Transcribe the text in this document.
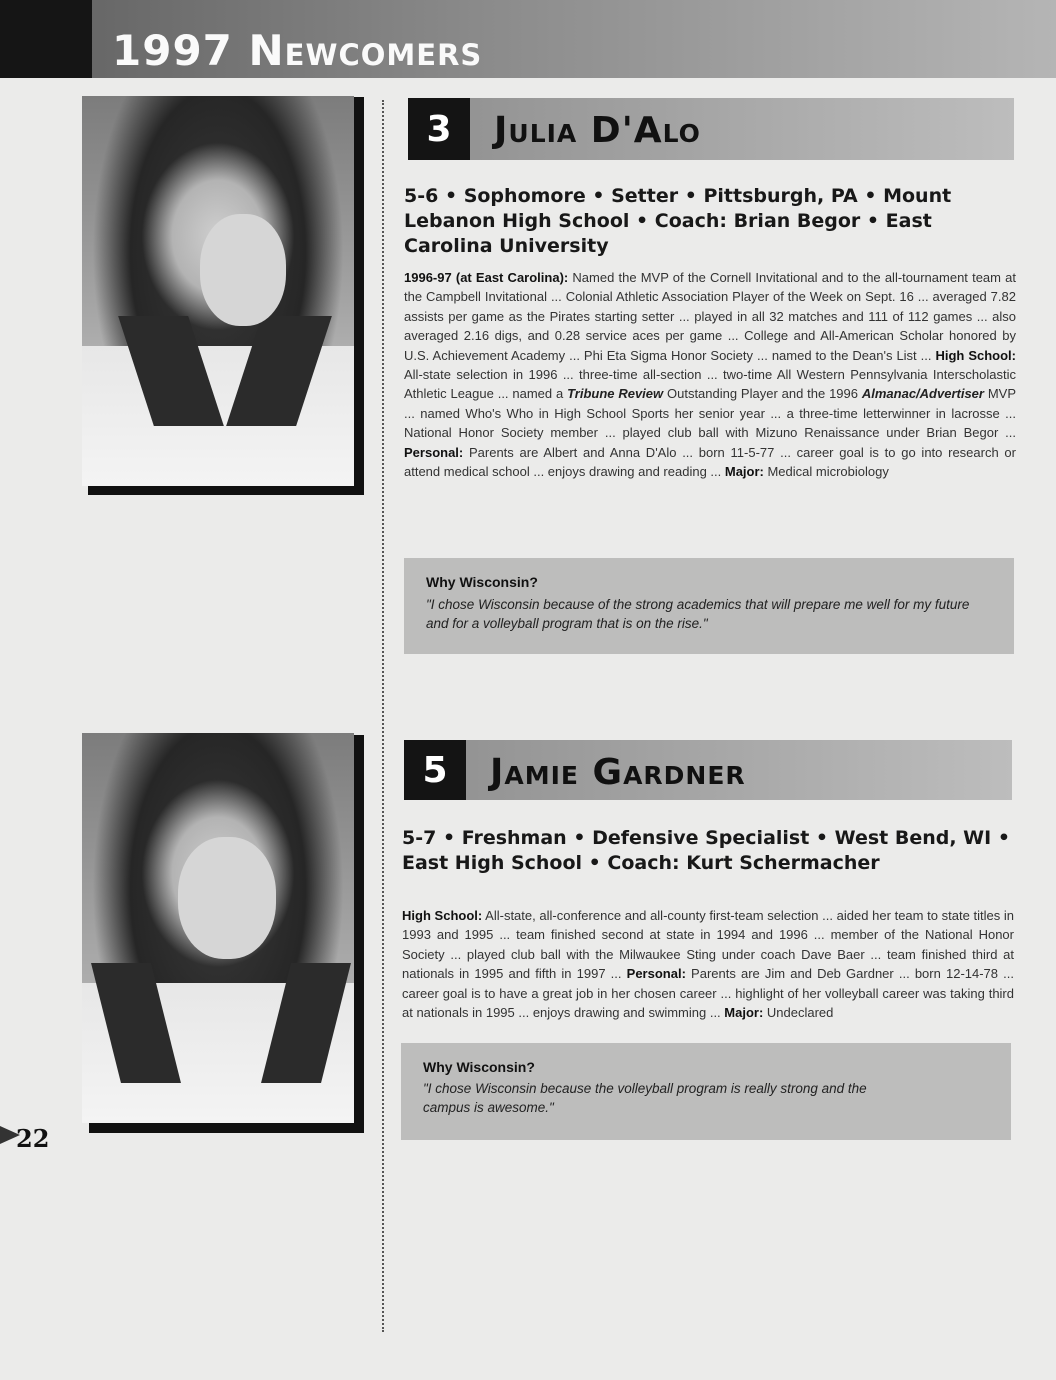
1997 Newcomers
3	Julia D'Alo
5-6 • Sophomore • Setter • Pittsburgh, PA • Mount Lebanon High School • Coach: Brian Begor • East Carolina University
1996-97 (at East Carolina): Named the MVP of the Cornell Invitational and to the all-tournament team at the Campbell Invitational ... Colonial Athletic Association Player of the Week on Sept. 16 ... averaged 7.82 assists per game as the Pirates starting setter ... played in all 32 matches and 111 of 112 games ... also averaged 2.16 digs, and 0.28 service aces per game ... College and All-American Scholar honored by U.S. Achievement Academy ... Phi Eta Sigma Honor Society ... named to the Dean's List ... High School: All-state selection in 1996 ... three-time all-section ... two-time All Western Pennsylvania Interscholastic Athletic League ... named a Tribune Review Outstanding Player and the 1996 Almanac/Advertiser MVP ... named Who's Who in High School Sports her senior year ... a three-time letterwinner in lacrosse ... National Honor Society member ... played club ball with Mizuno Renaissance under Brian Begor ... Personal: Parents are Albert and Anna D'Alo ... born 11-5-77 ... career goal is to go into research or attend medical school ... enjoys drawing and reading ... Major: Medical microbiology
Why Wisconsin?
"I chose Wisconsin because of the strong academics that will prepare me well for my future and for a volleyball program that is on the rise."
5	Jamie Gardner
5-7 • Freshman • Defensive Specialist • West Bend, WI • East High School • Coach: Kurt Schermacher
High School: All-state, all-conference and all-county first-team selection ... aided her team to state titles in 1993 and 1995 ... team finished second at state in 1994 and 1996 ... member of the National Honor Society ... played club ball with the Milwaukee Sting under coach Dave Baer ... team finished third at nationals in 1995 and fifth in 1997 ... Personal: Parents are Jim and Deb Gardner ... born 12-14-78 ... career goal is to have a great job in her chosen career ... highlight of her volleyball career was taking third at nationals in 1995 ... enjoys drawing and swimming ... Major: Undeclared
Why Wisconsin?
"I chose Wisconsin because the volleyball program is really strong and the campus is awesome."
22
